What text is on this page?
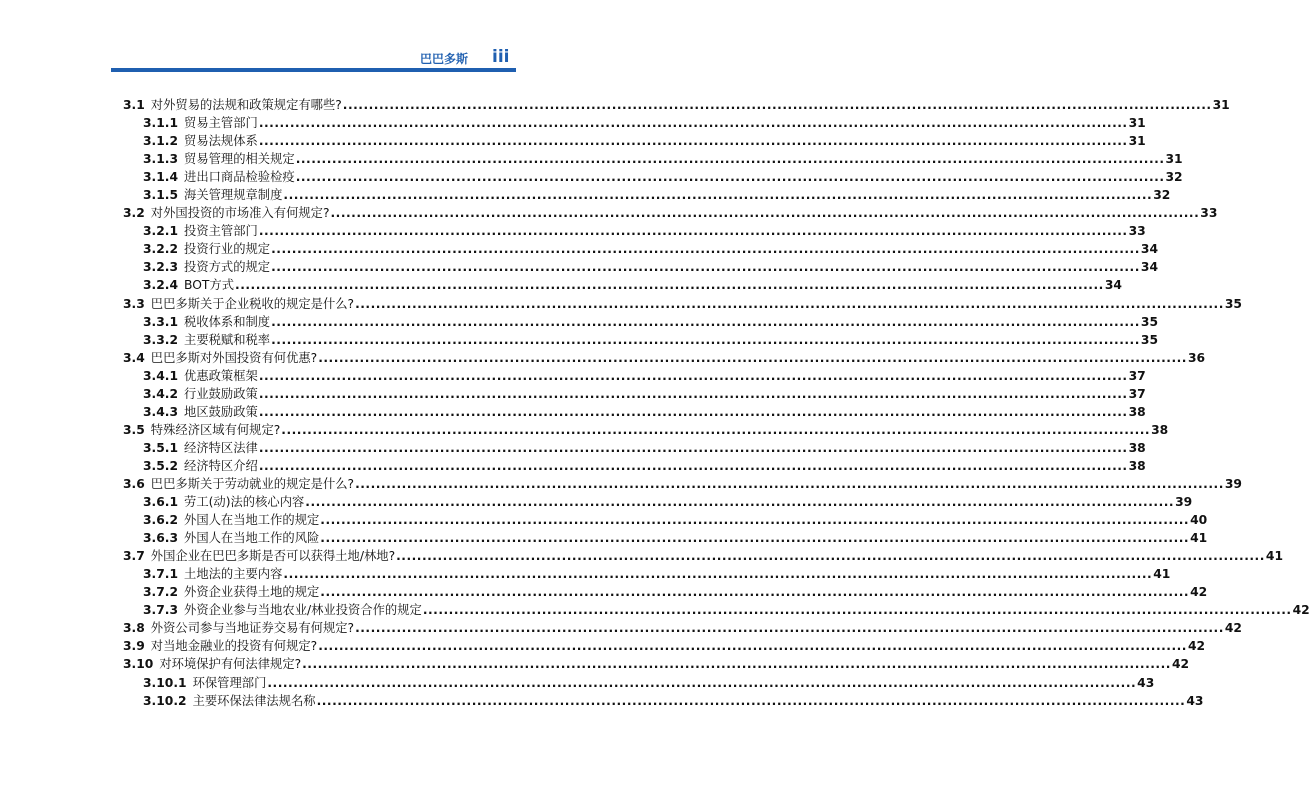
巴巴多斯 iii
3.1 对外贸易的法规和政策规定有哪些? .....	31
3.1.1 贸易主管部门 .....	31
3.1.2 贸易法规体系 .....	31
3.1.3 贸易管理的相关规定 .....	31
3.1.4 进出口商品检验检疫 .....	32
3.1.5 海关管理规章制度 .....	32
3.2 对外国投资的市场准入有何规定? .....	33
3.2.1 投资主管部门 .....	33
3.2.2 投资行业的规定 .....	34
3.2.3 投资方式的规定 .....	34
3.2.4 BOT方式 .....	34
3.3 巴巴多斯关于企业税收的规定是什么? .....	35
3.3.1 税收体系和制度 .....	35
3.3.2 主要税赋和税率 .....	35
3.4 巴巴多斯对外国投资有何优惠? .....	36
3.4.1 优惠政策框架 .....	37
3.4.2 行业鼓励政策 .....	37
3.4.3 地区鼓励政策 .....	38
3.5 特殊经济区域有何规定? .....	38
3.5.1 经济特区法律 .....	38
3.5.2 经济特区介绍 .....	38
3.6 巴巴多斯关于劳动就业的规定是什么? .....	39
3.6.1 劳工(动)法的核心内容 .....	39
3.6.2 外国人在当地工作的规定 .....	40
3.6.3 外国人在当地工作的风险 .....	41
3.7 外国企业在巴巴多斯是否可以获得土地/林地? .....	41
3.7.1 土地法的主要内容 .....	41
3.7.2 外资企业获得土地的规定 .....	42
3.7.3 外资企业参与当地农业/林业投资合作的规定 .....	42
3.8 外资公司参与当地证券交易有何规定? .....	42
3.9 对当地金融业的投资有何规定? .....	42
3.10 对环境保护有何法律规定? .....	42
3.10.1 环保管理部门 .....	43
3.10.2 主要环保法律法规名称 .....	43
